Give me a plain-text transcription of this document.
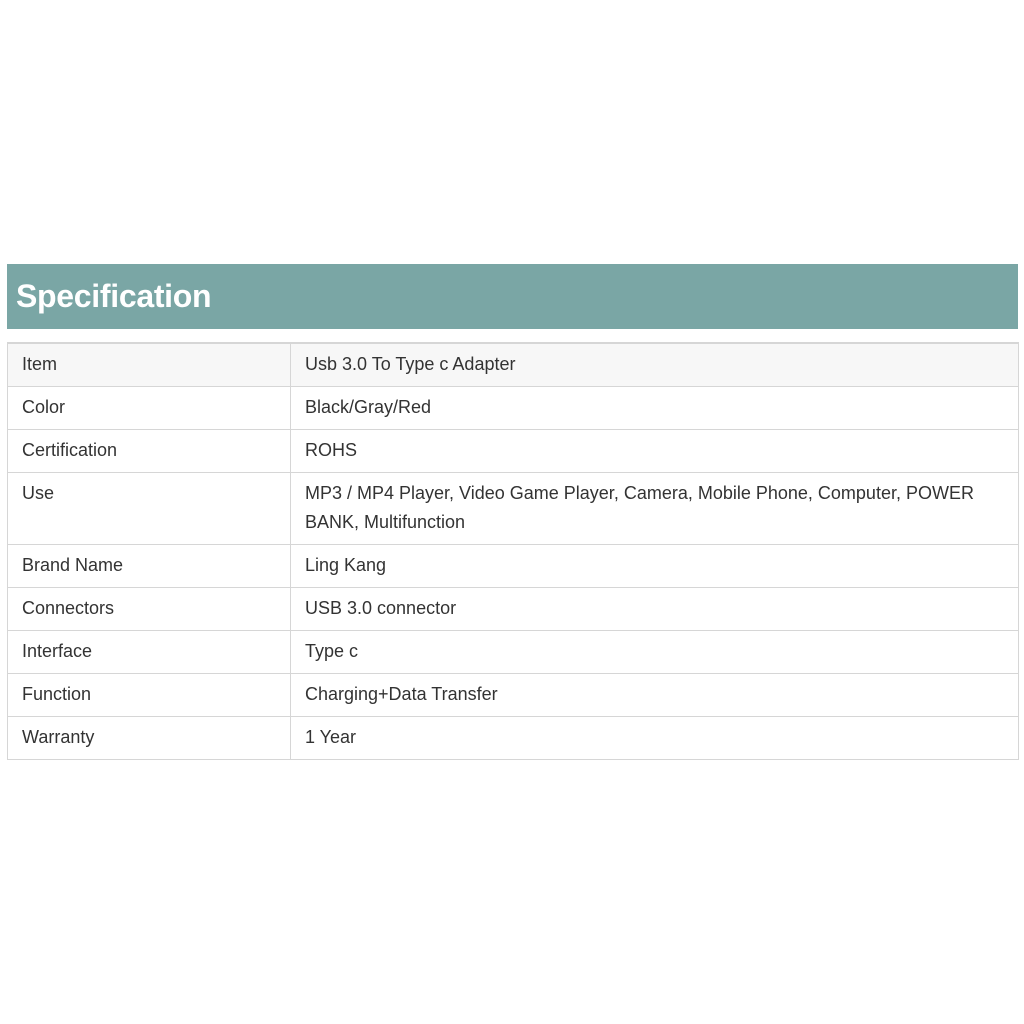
Specification
Item	Usb 3.0 To Type c Adapter
Color	Black/Gray/Red
Certification	ROHS
Use	MP3 / MP4 Player, Video Game Player, Camera, Mobile Phone, Computer, POWER BANK, Multifunction
Brand Name	Ling Kang
Connectors	USB 3.0 connector
Interface	Type c
Function	Charging+Data Transfer
Warranty	1 Year
